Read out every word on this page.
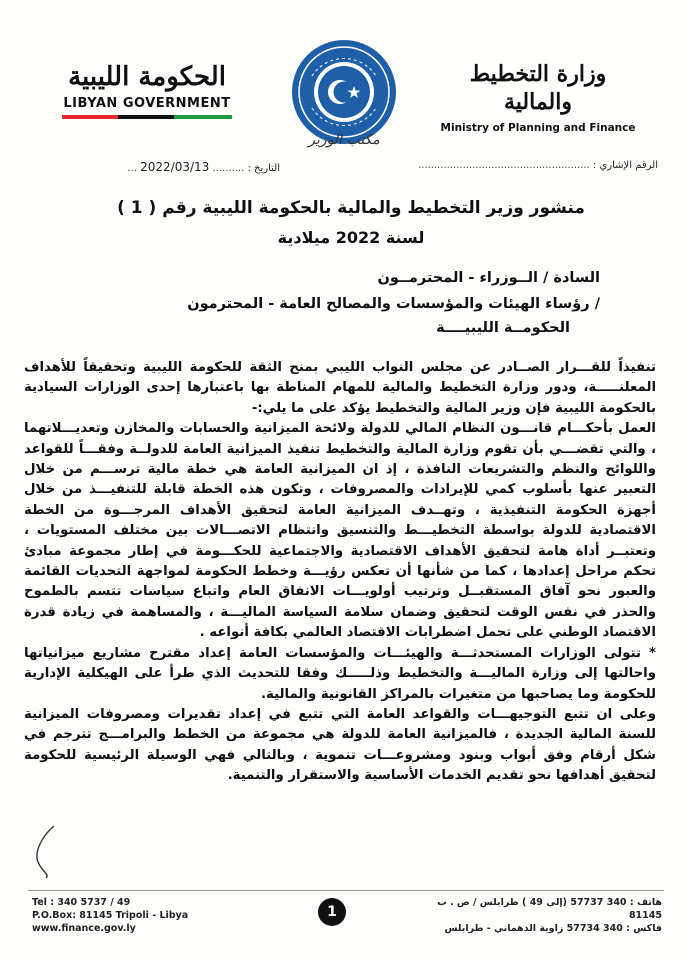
الحكومة الليبية
LIBYAN GOVERNMENT
مكتب الوزير
وزارة التخطيط والمالية
Ministry of Planning and Finance
الرقم الإشاري : ......................................................
التاريخ : .......... 2022/03/13 ...
منشور وزير التخطيط والمالية بالحكومة الليبية رقم ( 1 )
لسنة 2022 ميلادية
السادة / الــوزراء - المحترمــون
/ رؤساء الهيئات والمؤسسات والمصالح العامة - المحترمون
الحكومــة الليبيــــة

تنفيذاً للقـــرار الصــادر عن مجلس النواب الليبي بمنح الثقة للحكومة الليبية وتحقيقاً للأهداف المعلنـــــة، ودور وزارة التخطيط والمالية للمهام المناطة بها باعتبارها إحدى الوزارات السيادية بالحكومة الليبية فإن وزير المالية والتخطيط يؤكد على ما يلي:-

العمل بأحكـــام قانـــون النظام المالي للدولة ولائحة الميزانية والحسابات والمخازن وتعديـــلاتهما ، والتي تقضـــي بأن تقوم وزارة المالية والتخطيط تنفيذ الميزانية العامة للدولــة وفقـــاً للقواعد واللوائح والنظم والتشريعات النافذة ، إذ ان الميزانية العامة هي خطة مالية ترســـم من خلال التعبير عنها بأسلوب كمي للإيرادات والمصروفات ، وتكون هذه الخطة قابلة للتنفيـــذ من خلال أجهزة الحكومة التنفيذية ، وتهــدف الميزانية العامة لتحقيق الأهداف المرجـــوة من الخطة الاقتصادية للدولة بواسطة التخطيـــط والتنسيق وانتظام الاتصـــالات بين مختلف المستويات ، وتعتبــر أداة هامة لتحقيق الأهداف الاقتصادية والاجتماعية للحكـــومة في إطار مجموعة مبادئ تحكم مراحل إعدادها ، كما من شأنها أن تعكس رؤيـــة وخطط الحكومة لمواجهة التحديات القائمة والعبور نحو آفاق المستقبــل وترتيب أولويـــات الانفاق العام واتباع سياسات تتسم بالطموح والحذر في نفس الوقت لتحقيق وضمان سلامة السياسة الماليـــة ، والمساهمة في زيادة قدرة الاقتصاد الوطني على تحمل اضطرابات الاقتصاد العالمي بكافة أنواعه .

* تتولى الوزارات المستحدثـــة والهيئـــات والمؤسسات العامة إعداد مقترح مشاريع ميزانياتها واحالتها إلى وزارة الماليـــة والتخطيط وذلـــــك وفقا للتحديث الذي طرأ على الهيكلية الإدارية للحكومة وما يصاحبها من متغيرات بالمراكز القانونية والمالية.

وعلى ان تتبع التوجيهـــات والقواعد العامة التي تتبع في إعداد تقديرات ومصروفات الميزانية للسنة المالية الجديدة ، فالميزانية العامة للدولة هي مجموعة من الخطط والبرامـــج تترجم في شكل أرقام وفق أبواب وبنود ومشروعـــات تنموية ، وبالتالي فهي الوسيلة الرئيسية للحكومة لتحقيق أهدافها نحو تقديم الخدمات الأساسية والاستقرار والتنمية.

Tel : 340 5737 / 49
P.O.Box: 81145 Tripoli - Libya
www.finance.gov.ly
1
هاتف : 340 57737 (إلى 49 ) طرابلس / ص . ب 81145
فاكس : 340 57734 زاوية الدهماني - طرابلس
